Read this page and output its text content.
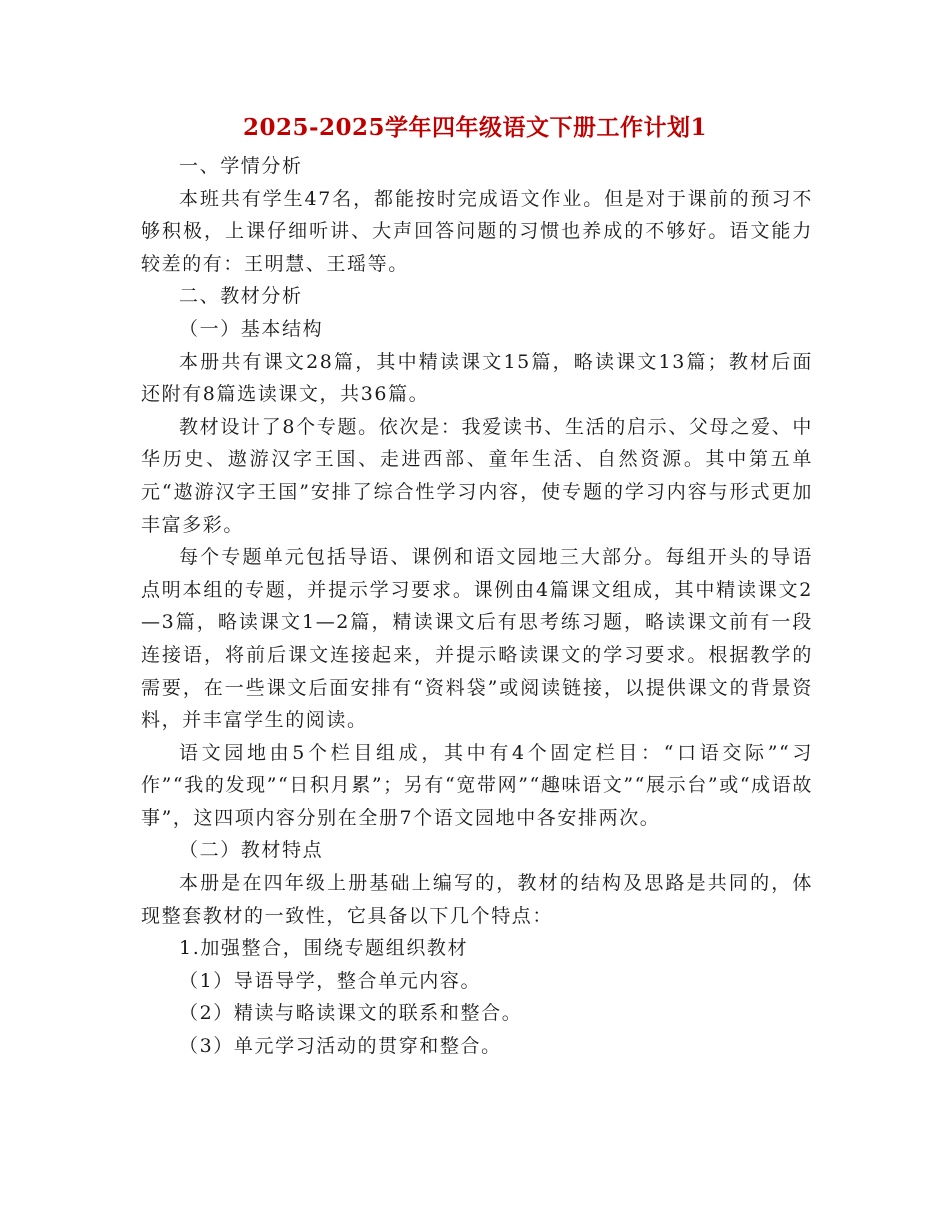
2025-2025学年四年级语文下册工作计划1

一、学情分析

本班共有学生47名，都能按时完成语文作业。但是对于课前的预习不够积极，上课仔细听讲、大声回答问题的习惯也养成的不够好。语文能力较差的有：王明慧、王瑶等。

二、教材分析

（一）基本结构

本册共有课文28篇，其中精读课文15篇，略读课文13篇；教材后面还附有8篇选读课文，共36篇。

教材设计了8个专题。依次是：我爱读书、生活的启示、父母之爱、中华历史、遨游汉字王国、走进西部、童年生活、自然资源。其中第五单元“遨游汉字王国”安排了综合性学习内容，使专题的学习内容与形式更加丰富多彩。

每个专题单元包括导语、课例和语文园地三大部分。每组开头的导语点明本组的专题，并提示学习要求。课例由4篇课文组成，其中精读课文2—3篇，略读课文1—2篇，精读课文后有思考练习题，略读课文前有一段连接语，将前后课文连接起来，并提示略读课文的学习要求。根据教学的需要，在一些课文后面安排有“资料袋”或阅读链接，以提供课文的背景资料，并丰富学生的阅读。

语文园地由5个栏目组成，其中有4个固定栏目：“口语交际”“习作”“我的发现”“日积月累”；另有“宽带网”“趣味语文”“展示台”或“成语故事”，这四项内容分别在全册7个语文园地中各安排两次。

（二）教材特点

本册是在四年级上册基础上编写的，教材的结构及思路是共同的，体现整套教材的一致性，它具备以下几个特点：

1.加强整合，围绕专题组织教材

（1）导语导学，整合单元内容。

（2）精读与略读课文的联系和整合。

（3）单元学习活动的贯穿和整合。
